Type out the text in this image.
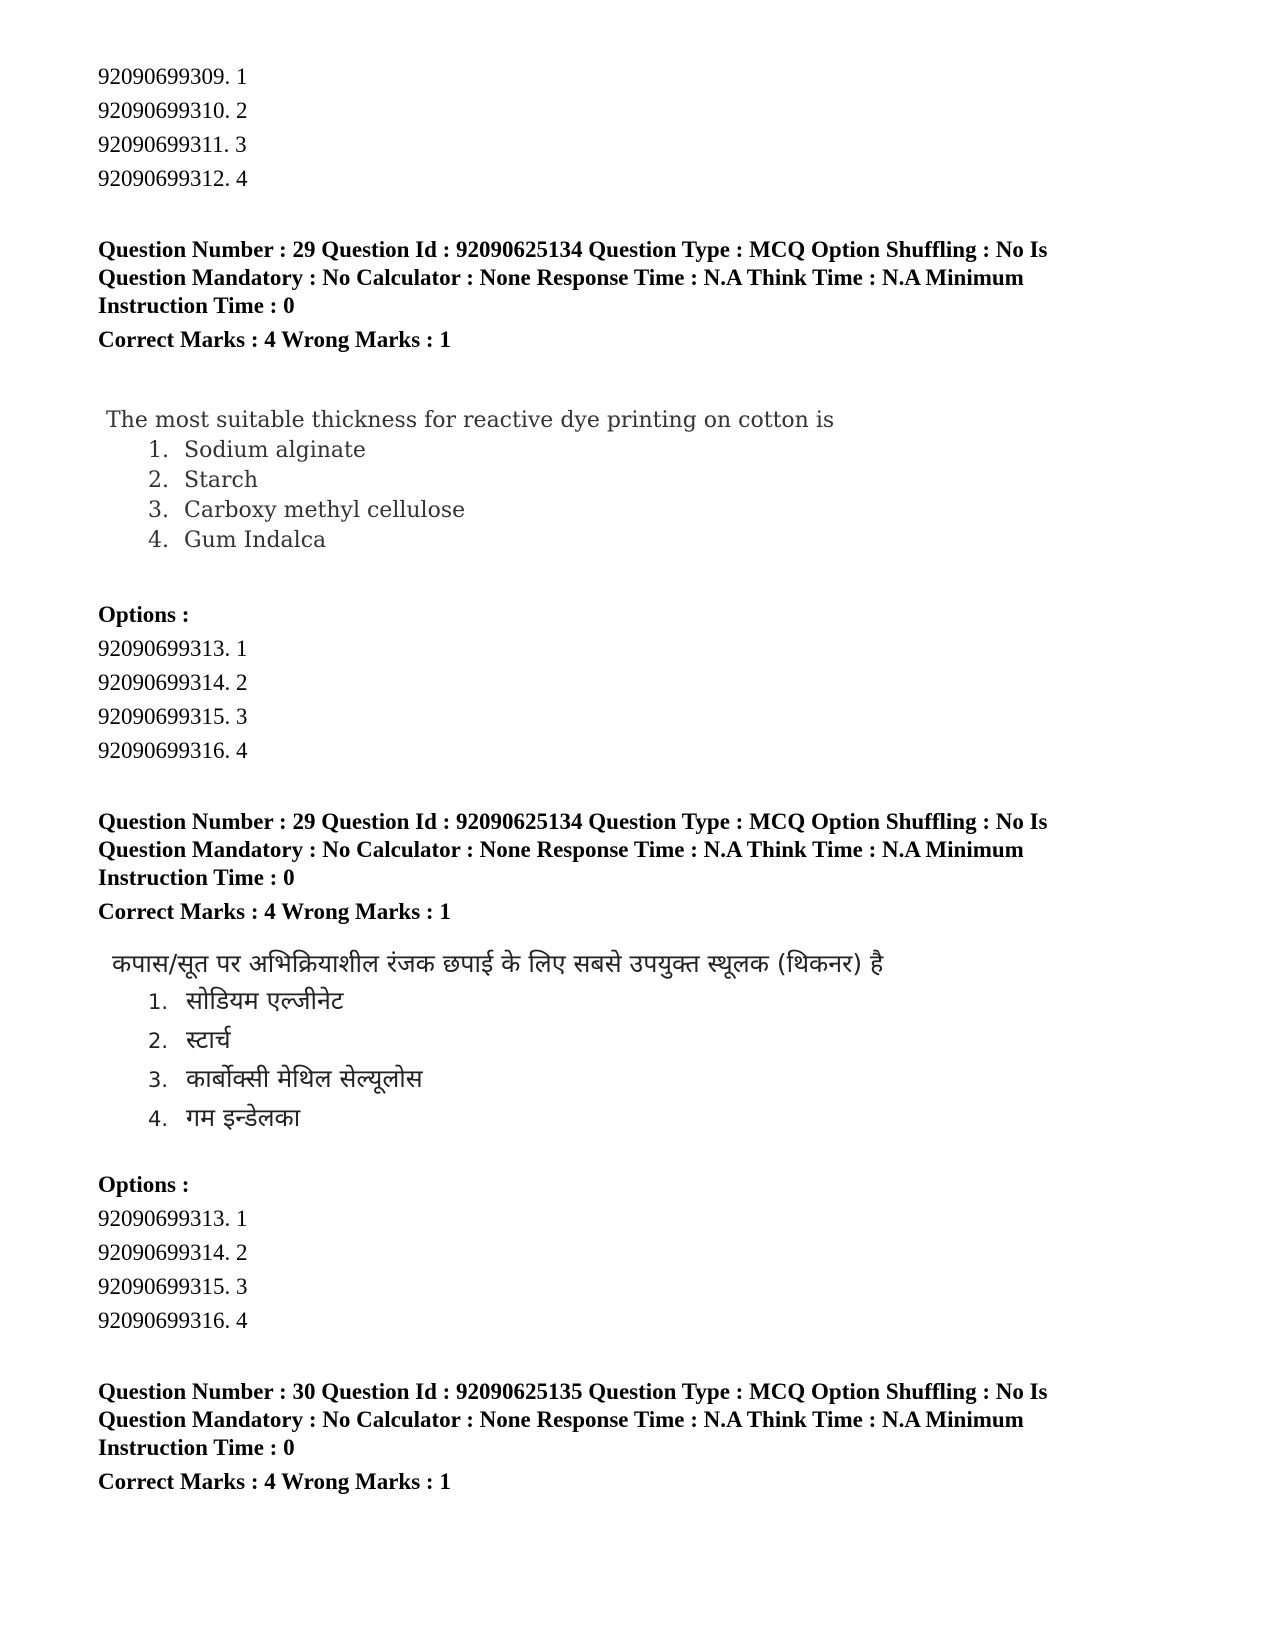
92090699309. 1
92090699310. 2
92090699311. 3
92090699312. 4
Question Number : 29 Question Id : 92090625134 Question Type : MCQ Option Shuffling : No Is
Question Mandatory : No Calculator : None Response Time : N.A Think Time : N.A Minimum
Instruction Time : 0
Correct Marks : 4 Wrong Marks : 1
The most suitable thickness for reactive dye printing on cotton is
1. Sodium alginate
2. Starch
3. Carboxy methyl cellulose
4. Gum Indalca
Options :
92090699313. 1
92090699314. 2
92090699315. 3
92090699316. 4
Question Number : 29 Question Id : 92090625134 Question Type : MCQ Option Shuffling : No Is
Question Mandatory : No Calculator : None Response Time : N.A Think Time : N.A Minimum
Instruction Time : 0
Correct Marks : 4 Wrong Marks : 1
कपास/सूत पर अभिक्रियाशील रंजक छपाई के लिए सबसे उपयुक्त स्थूलक (थिकनर) है
1. सोडियम एल्जीनेट
2. स्टार्च
3. कार्बोक्सी मेथिल सेल्यूलोस
4. गम इन्डेलका
Options :
92090699313. 1
92090699314. 2
92090699315. 3
92090699316. 4
Question Number : 30 Question Id : 92090625135 Question Type : MCQ Option Shuffling : No Is
Question Mandatory : No Calculator : None Response Time : N.A Think Time : N.A Minimum
Instruction Time : 0
Correct Marks : 4 Wrong Marks : 1
